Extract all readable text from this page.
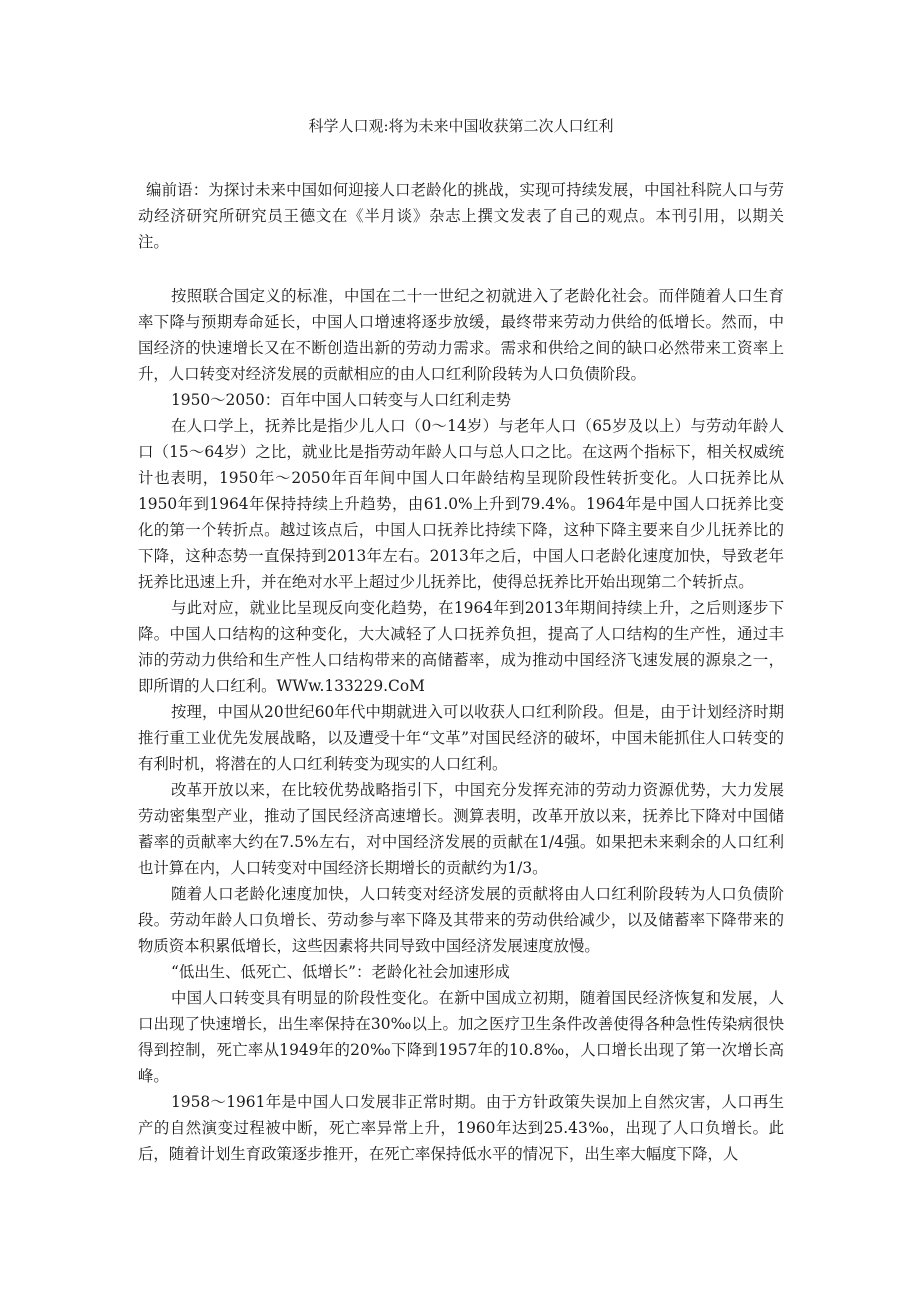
科学人口观:将为未来中国收获第二次人口红利
编前语：为探讨未来中国如何迎接人口老龄化的挑战，实现可持续发展，中国社科院人口与劳动经济研究所研究员王德文在《半月谈》杂志上撰文发表了自己的观点。本刊引用，以期关注。

按照联合国定义的标准，中国在二十一世纪之初就进入了老龄化社会。而伴随着人口生育率下降与预期寿命延长，中国人口增速将逐步放缓，最终带来劳动力供给的低增长。然而，中国经济的快速增长又在不断创造出新的劳动力需求。需求和供给之间的缺口必然带来工资率上升，人口转变对经济发展的贡献相应的由人口红利阶段转为人口负债阶段。

1950～2050：百年中国人口转变与人口红利走势

在人口学上，抚养比是指少儿人口（0～14岁）与老年人口（65岁及以上）与劳动年龄人口（15～64岁）之比，就业比是指劳动年龄人口与总人口之比。在这两个指标下，相关权威统计也表明，1950年～2050年百年间中国人口年龄结构呈现阶段性转折变化。人口抚养比从1950年到1964年保持持续上升趋势，由61.0%上升到79.4%。1964年是中国人口抚养比变化的第一个转折点。越过该点后，中国人口抚养比持续下降，这种下降主要来自少儿抚养比的下降，这种态势一直保持到2013年左右。2013年之后，中国人口老龄化速度加快，导致老年抚养比迅速上升，并在绝对水平上超过少儿抚养比，使得总抚养比开始出现第二个转折点。

与此对应，就业比呈现反向变化趋势，在1964年到2013年期间持续上升，之后则逐步下降。中国人口结构的这种变化，大大减轻了人口抚养负担，提高了人口结构的生产性，通过丰沛的劳动力供给和生产性人口结构带来的高储蓄率，成为推动中国经济飞速发展的源泉之一，即所谓的人口红利。WWw.133229.CoM

按理，中国从20世纪60年代中期就进入可以收获人口红利阶段。但是，由于计划经济时期推行重工业优先发展战略，以及遭受十年“文革”对国民经济的破坏，中国未能抓住人口转变的有利时机，将潜在的人口红利转变为现实的人口红利。

改革开放以来，在比较优势战略指引下，中国充分发挥充沛的劳动力资源优势，大力发展劳动密集型产业，推动了国民经济高速增长。测算表明，改革开放以来，抚养比下降对中国储蓄率的贡献率大约在7.5%左右，对中国经济发展的贡献在1/4强。如果把未来剩余的人口红利也计算在内，人口转变对中国经济长期增长的贡献约为1/3。

随着人口老龄化速度加快，人口转变对经济发展的贡献将由人口红利阶段转为人口负债阶段。劳动年龄人口负增长、劳动参与率下降及其带来的劳动供给减少，以及储蓄率下降带来的物质资本积累低增长，这些因素将共同导致中国经济发展速度放慢。

“低出生、低死亡、低增长”：老龄化社会加速形成

中国人口转变具有明显的阶段性变化。在新中国成立初期，随着国民经济恢复和发展，人口出现了快速增长，出生率保持在30‰以上。加之医疗卫生条件改善使得各种急性传染病很快得到控制，死亡率从1949年的20‰下降到1957年的10.8‰，人口增长出现了第一次增长高峰。

1958～1961年是中国人口发展非正常时期。由于方针政策失误加上自然灾害，人口再生产的自然演变过程被中断，死亡率异常上升，1960年达到25.43‰，出现了人口负增长。此后，随着计划生育政策逐步推开，在死亡率保持低水平的情况下，出生率大幅度下降，人
